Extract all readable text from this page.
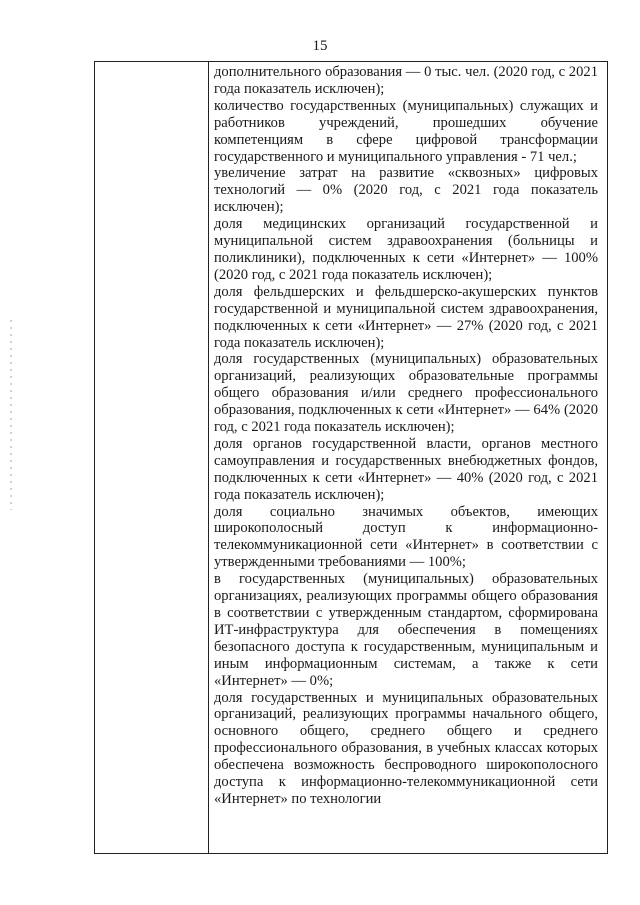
15

дополнительного образования — 0 тыс. чел. (2020 год, с 2021 года показатель исключен);

количество государственных (муниципальных) служащих и работников учреждений, прошедших обучение компетенциям в сфере цифровой трансформации государственного и муниципального управления - 71 чел.;

увеличение затрат на развитие «сквозных» цифровых технологий — 0% (2020 год, с 2021 года показатель исключен);

доля медицинских организаций государственной и муниципальной систем здравоохранения (больницы и поликлиники), подключенных к сети «Интернет» — 100% (2020 год, с 2021 года показатель исключен);

доля фельдшерских и фельдшерско-акушерских пунктов государственной и муниципальной систем здравоохранения, подключенных к сети «Интернет» — 27% (2020 год, с 2021 года показатель исключен);

доля государственных (муниципальных) образовательных организаций, реализующих образовательные программы общего образования и/или среднего профессионального образования, подключенных к сети «Интернет» — 64% (2020 год, с 2021 года показатель исключен);

доля органов государственной власти, органов местного самоуправления и государственных внебюджетных фондов, подключенных к сети «Интернет» — 40% (2020 год, с 2021 года показатель исключен);

доля социально значимых объектов, имеющих широкополосный доступ к информационно-телекоммуникационной сети «Интернет» в соответствии с утвержденными требованиями — 100%;

в государственных (муниципальных) образовательных организациях, реализующих программы общего образования в соответствии с утвержденным стандартом, сформирована ИТ-инфраструктура для обеспечения в помещениях безопасного доступа к государственным, муниципальным и иным информационным системам, а также к сети «Интернет» — 0%;

доля государственных и муниципальных образовательных организаций, реализующих программы начального общего, основного общего, среднего общего и среднего профессионального образования, в учебных классах которых обеспечена возможность беспроводного широкополосного доступа к информационно-телекоммуникационной сети «Интернет» по технологии
